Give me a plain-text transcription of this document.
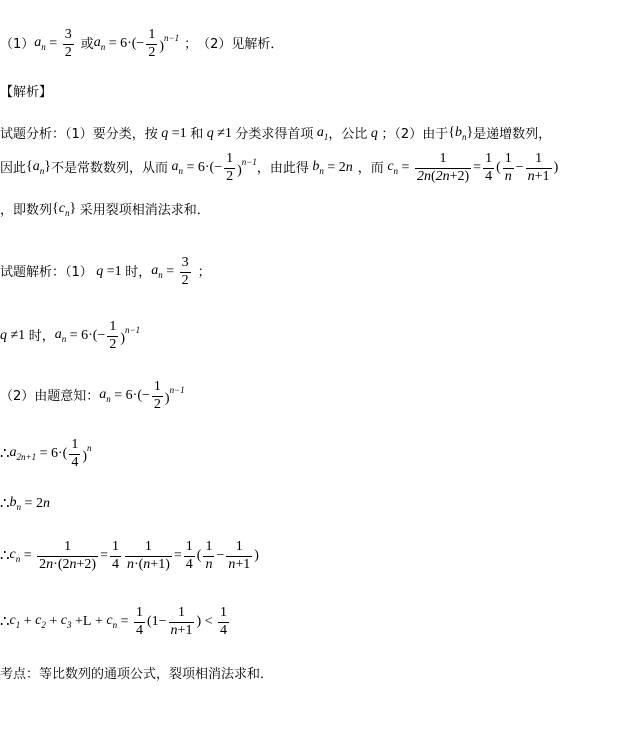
（1） $a_n = \frac{3}{2}$ 或 $a_n = 6\cdot(- \frac{1}{2} )^{n-1}$ ； （2）见解析．
【解析】
试题分析：（1）要分类，按 q =1 和 q ≠1 分类求得首项 $a_1$ ，公比 q ；（2）由于 $\{b_n\}$ 是递增数列，
因此 $\{a_n\}$ 不是常数数列，从而 $a_n = 6\cdot(- \frac{1}{2} )^{n-1}$ ，由此得 $b_n = 2$ n ，而 $c_n = \frac{1}{2n(2n+2)} = \frac{1}{4}$ ( $\frac{1}{n} - \frac{1}{n+1}$ )
，即数列 $\{c_n\}$ 采用裂项相消法求和．
试题解析：（1） q =1 时， $a_n = \frac{3}{2}$ ；
q ≠1 时， $a_n = 6\cdot(- \frac{1}{2} )^{n-1}$
（2）由题意知： $a_n = 6\cdot(- \frac{1}{2} )^{n-1}$
∴ $a_{2n+1} = 6\cdot( \frac{1}{4} )^n$
∴ $b_n = 2$ n
∴ $c_n = \frac{1}{2n\cdot(2n+2)} = \frac{1}{4} \frac{1}{n\cdot(n+1)} = \frac{1}{4}$ ( $\frac{1}{n} - \frac{1}{n+1}$ )
∴ $c_1 + c_2 + c_3 +L + c_n = \frac{1}{4} (1- \frac{1}{n+1}$ ) < $\frac{1}{4}$
考点：等比数列的通项公式，裂项相消法求和．
